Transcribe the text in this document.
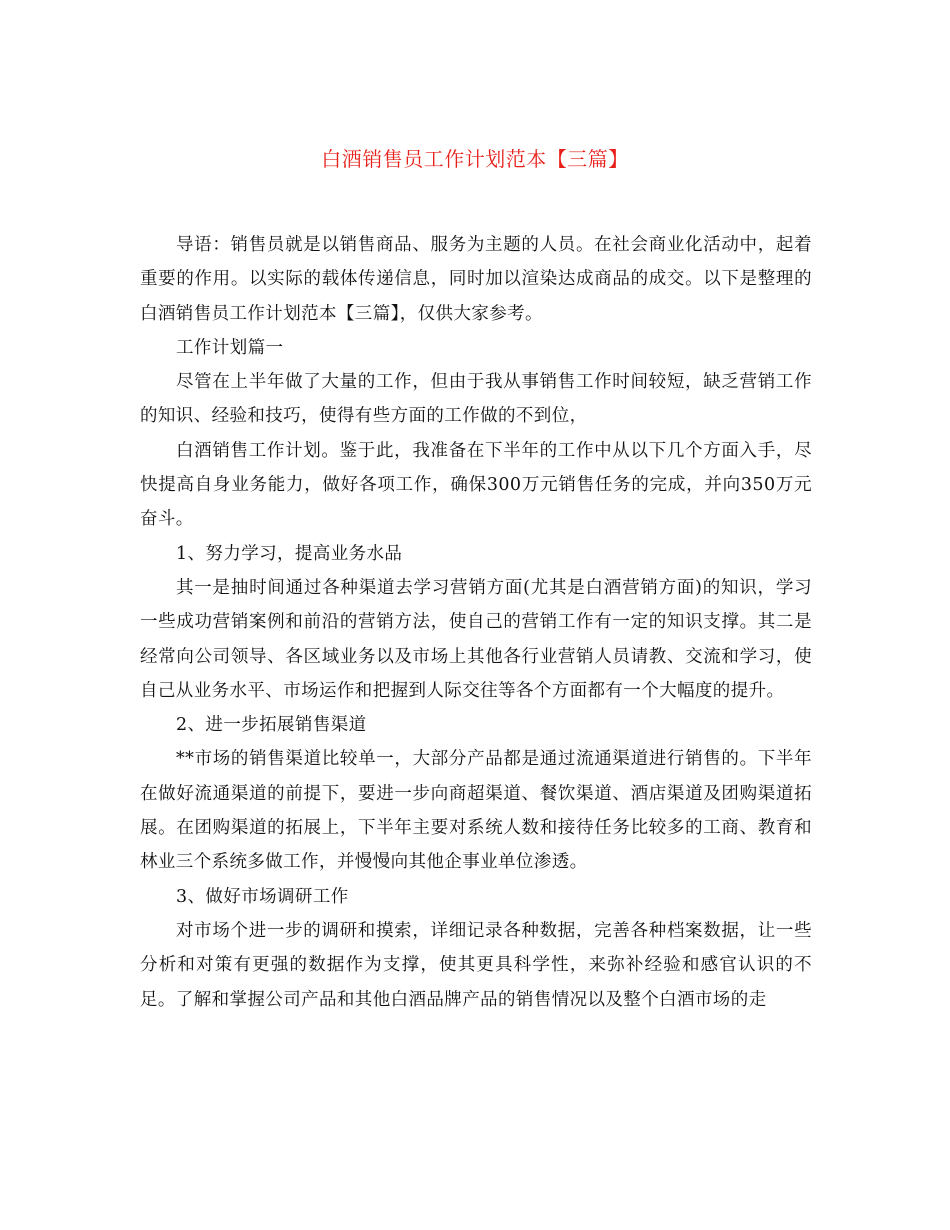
白酒销售员工作计划范本【三篇】

导语：销售员就是以销售商品、服务为主题的人员。在社会商业化活动中，起着重要的作用。以实际的载体传递信息，同时加以渲染达成商品的成交。以下是整理的白酒销售员工作计划范本【三篇】，仅供大家参考。

工作计划篇一

尽管在上半年做了大量的工作，但由于我从事销售工作时间较短，缺乏营销工作的知识、经验和技巧，使得有些方面的工作做的不到位，

白酒销售工作计划。鉴于此，我准备在下半年的工作中从以下几个方面入手，尽快提高自身业务能力，做好各项工作，确保300万元销售任务的完成，并向350万元奋斗。

1、努力学习，提高业务水品

其一是抽时间通过各种渠道去学习营销方面(尤其是白酒营销方面)的知识，学习一些成功营销案例和前沿的营销方法，使自己的营销工作有一定的知识支撑。其二是经常向公司领导、各区域业务以及市场上其他各行业营销人员请教、交流和学习，使自己从业务水平、市场运作和把握到人际交往等各个方面都有一个大幅度的提升。

2、进一步拓展销售渠道

**市场的销售渠道比较单一，大部分产品都是通过流通渠道进行销售的。下半年在做好流通渠道的前提下，要进一步向商超渠道、餐饮渠道、酒店渠道及团购渠道拓展。在团购渠道的拓展上，下半年主要对系统人数和接待任务比较多的工商、教育和林业三个系统多做工作，并慢慢向其他企事业单位渗透。

3、做好市场调研工作

对市场个进一步的调研和摸索，详细记录各种数据，完善各种档案数据，让一些分析和对策有更强的数据作为支撑，使其更具科学性，来弥补经验和感官认识的不足。了解和掌握公司产品和其他白酒品牌产品的销售情况以及整个白酒市场的走
